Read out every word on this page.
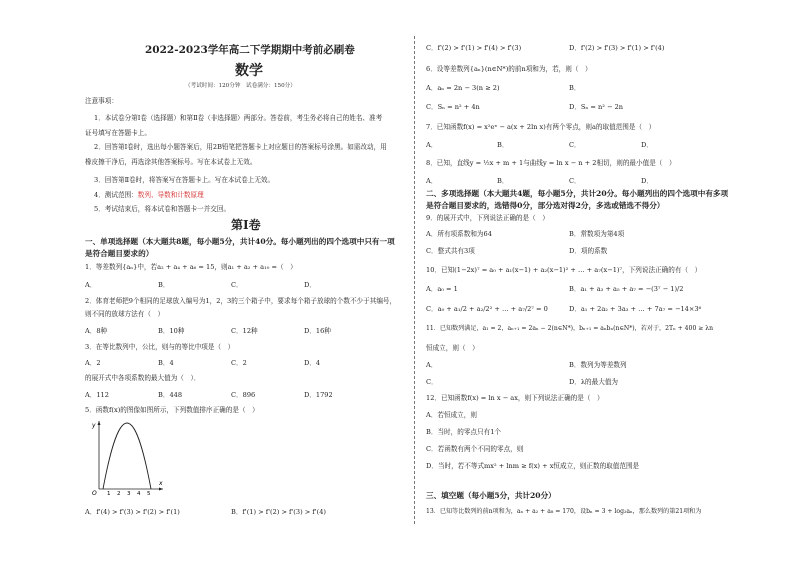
2022-2023学年高二下学期期中考前必刷卷
数学
（考试时间：120分钟　试卷满分：150分）
注意事项：
1．本试卷分第Ⅰ卷（选择题）和第Ⅱ卷（非选择题）两部分。答卷前，考生务必将自己的姓名、准考
证号填写在答题卡上。
2．回答第Ⅰ卷时，选出每小题答案后，用2B铅笔把答题卡上对应题目的答案标号涂黑。如需改动，用
橡皮擦干净后，再选涂其他答案标号。写在本试卷上无效。
3．回答第Ⅱ卷时，将答案写在答题卡上。写在本试卷上无效。
4．测试范围：数列、导数和计数原理
5．考试结束后，将本试卷和答题卡一并交回。
第Ⅰ卷
一、单项选择题（本大题共8题，每小题5分，共计40分。每小题列出的四个选项中只有一项
是符合题目要求的）
1．等差数列{aₙ}中，若a₂ + a₄ + a₆ = 15，则a₁ + a₂ + a₁₀ =（　）
A．	B．	C．	D．
2．体育老师把9个相同的足球放入编号为1，2，3的三个箱子中，要求每个箱子放球的个数不少于其编号，
则不同的放球方法有（　）
A．8种	B．10种	C．12种	D．16种
3．在等比数列中，公比，则与的等比中项是（　）
A．2	B．4	C．2	D．4
的展开式中各项系数的最大值为（　）．
A．112	B．448	C．896	D．1792
5．函数f(x)的图像如图所示，下列数值排序正确的是（　）
y
x
O 1 2 3 4 5
A．f'(4) > f'(3) > f'(2) > f'(1)	B．f'(1) > f'(2) > f'(3) > f'(4)
C．f'(2) > f'(1) > f'(4) > f'(3)	D．f'(2) > f'(3) > f'(1) > f'(4)
6．设等差数列{aₙ}(n∈N*)的前n项和为，若，则（　）
A．aₙ = 2n − 3(n ≥ 2)	B．
C．Sₙ = n² + 4n	D．Sₙ = n² − 2n
7．已知函数f(x) = x²eˣ − a(x + 2ln x)有两个零点，则a的取值范围是（　）
A．	B．	C．	D．
8．已知，直线y = ½x + m + 1与曲线y = ln x − n + 2相切，则的最小值是（　）
A．	B．	C．	D．
二、多项选择题（本大题共4题，每小题5分，共计20分。每小题列出的四个选项中有多项
是符合题目要求的，选错得0分，部分选对得2分，多选或错选不得分）
9．的展开式中，下列说法正确的是（　）
A．所有项系数和为64	B．常数项为第4项
C．整式共有3项	D．项的系数
10．已知(1−2x)⁷ = a₀ + a₁(x−1) + a₂(x−1)² + … + a₇(x−1)⁷，下列说法正确的有（　）
A．a₀ = 1	B．a₁ + a₃ + a₅ + a₇ = −(3⁷ − 1)/2
C．a₀ + a₁/2 + a₂/2² + … + a₇/2⁷ = 0	D．a₁ + 2a₂ + 3a₃ + … + 7a₇ = −14×3⁶
11．已知数列满足，a₁ = 2，aₙ₊₁ = 2aₙ − 2(n∈N*)，bₙ₊₁ = aₙbₙ(n∈N*)，若对于，2Tₙ + 400 ≥ λn
恒成立，则（　）
A．	B．数列为等差数列
C．	D．λ的最大值为
12．已知函数f(x) = ln x − ax，则下列说法正确的是（　）
A．若恒成立，则
B．当时，的零点只有1个
C．若函数有两个不同的零点，则
D．当时，若不等式mx² + lnm ≥ f(x) + x恒成立，则正数的取值范围是
三、填空题（每小题5分，共计20分）
13．已知等比数列的前n项和为，aₙ + a₂ + a₈ = 170，设bₙ = 3 + log₂aₙ，那么数列的第21项和为
